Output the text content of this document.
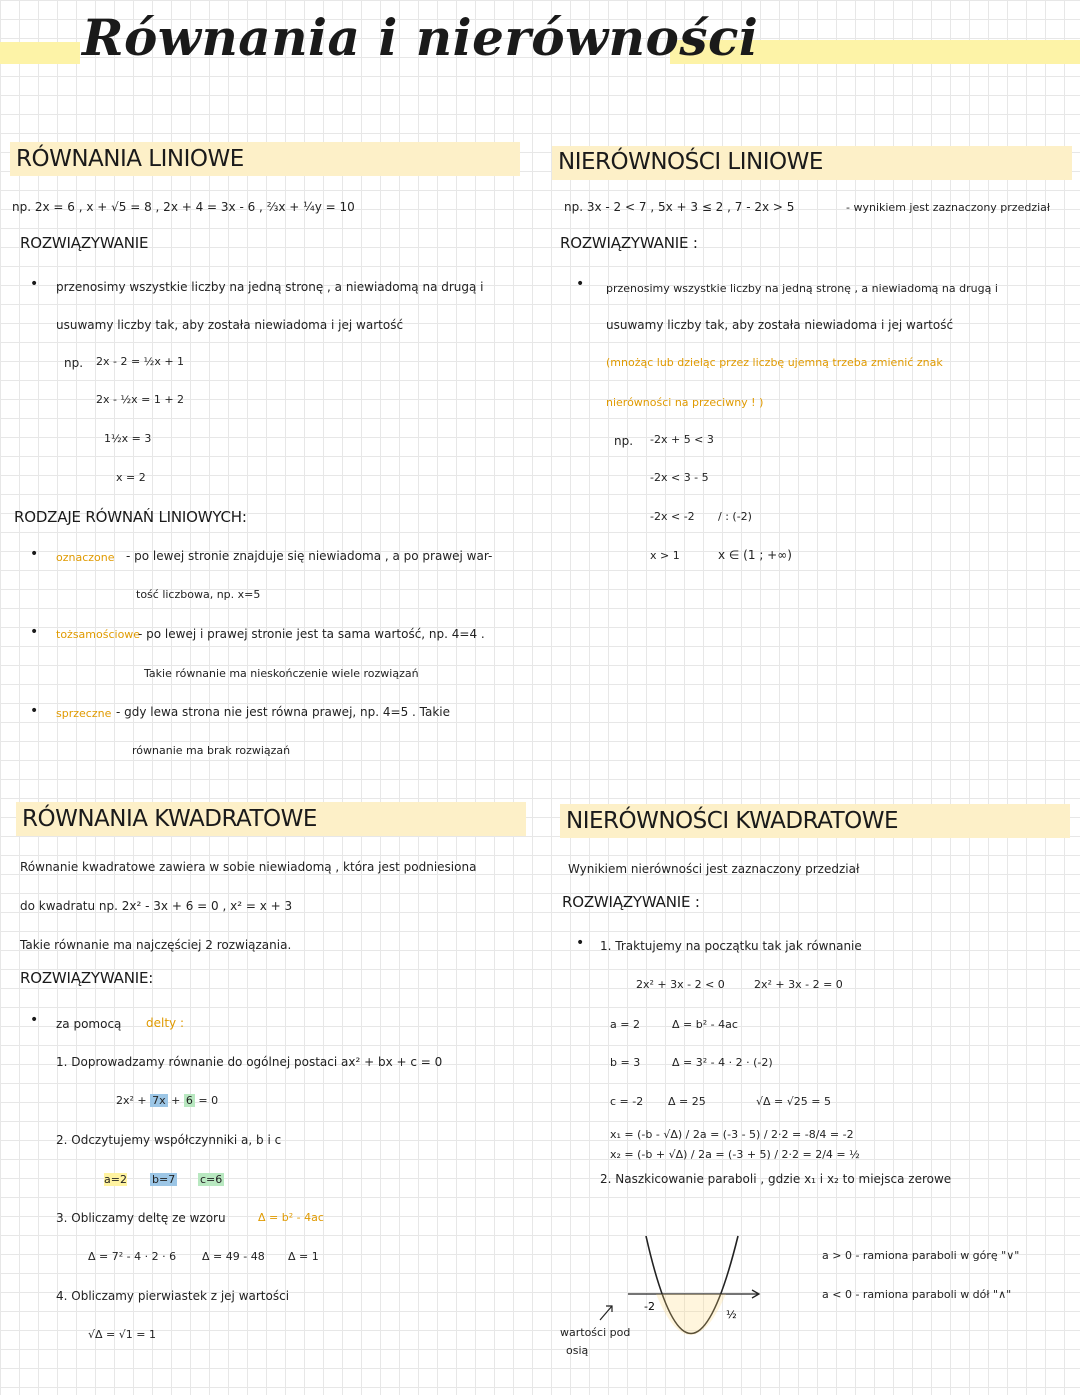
Równania i nierówności
RÓWNANIA LINIOWE
np. 2x = 6 , x + √5 = 8 , 2x + 4 = 3x - 6 , ⅔x + ¼y = 10
ROZWIĄZYWANIE
• przenosimy wszystkie liczby na jedną stronę , a niewiadomą na drugą i
usuwamy liczby tak, aby została niewiadoma i jej wartość
np. 2x - 2 = ½x + 1
2x - ½x = 1 + 2
1½x = 3
x = 2
RODZAJE RÓWNAŃ LINIOWYCH:
• oznaczone - po lewej stronie znajduje się niewiadoma , a po prawej war-
tość liczbowa, np. x=5
• tożsamościowe
- po lewej i prawej stronie jest ta sama wartość, np. 4=4 .
Takie równanie ma nieskończenie wiele rozwiązań
• sprzeczne - gdy lewa strona nie jest równa prawej, np. 4=5 . Takie
równanie ma brak rozwiązań
NIERÓWNOŚCI LINIOWE
np. 3x - 2 < 7 , 5x + 3 ≤ 2 , 7 - 2x > 5	- wynikiem jest zaznaczony przedział
ROZWIĄZYWANIE :
• przenosimy wszystkie liczby na jedną stronę , a niewiadomą na drugą i
usuwamy liczby tak, aby została niewiadoma i jej wartość
(mnożąc lub dzieląc przez liczbę ujemną trzeba zmienić znak
nierówności na przeciwny ! )
np. -2x + 5 < 3
-2x < 3 - 5
-2x < -2 / : (-2)
x > 1	x ∈ (1 ; +∞)
RÓWNANIA KWADRATOWE
Równanie kwadratowe zawiera w sobie niewiadomą , która jest podniesiona
do kwadratu np. 2x² - 3x + 6 = 0 , x² = x + 3
Takie równanie ma najczęściej 2 rozwiązania.
ROZWIĄZYWANIE:
• za pomocą delty :
1. Doprowadzamy równanie do ogólnej postaci ax² + bx + c = 0
2x² + 7x + 6 = 0
2. Odczytujemy współczynniki a, b i c
a=2 b=7 c=6
3. Obliczamy deltę ze wzoru	Δ = b² - 4ac
Δ = 7² - 4 · 2 · 6 Δ = 49 - 48 Δ = 1
4. Obliczamy pierwiastek z jej wartości
√Δ = √1 = 1
NIERÓWNOŚCI KWADRATOWE
Wynikiem nierówności jest zaznaczony przedział
ROZWIĄZYWANIE :
• 1. Traktujemy na początku tak jak równanie
2x² + 3x - 2 < 0	2x² + 3x - 2 = 0
a = 2	Δ = b² - 4ac
b = 3	Δ = 3² - 4 · 2 · (-2)
c = -2 Δ = 25	√Δ = √25 = 5
x₁ = (-b - √Δ) / 2a = (-3 - 5) / 2·2 = -8/4 = -2
x₂ = (-b + √Δ) / 2a = (-3 + 5) / 2·2 = 2/4 = ½
2. Naszkicowanie paraboli , gdzie x₁ i x₂ to miejsca zerowe
-2
½
wartości pod
osią
a > 0 - ramiona paraboli w górę "∨"
a < 0 - ramiona paraboli w dół "∧"
